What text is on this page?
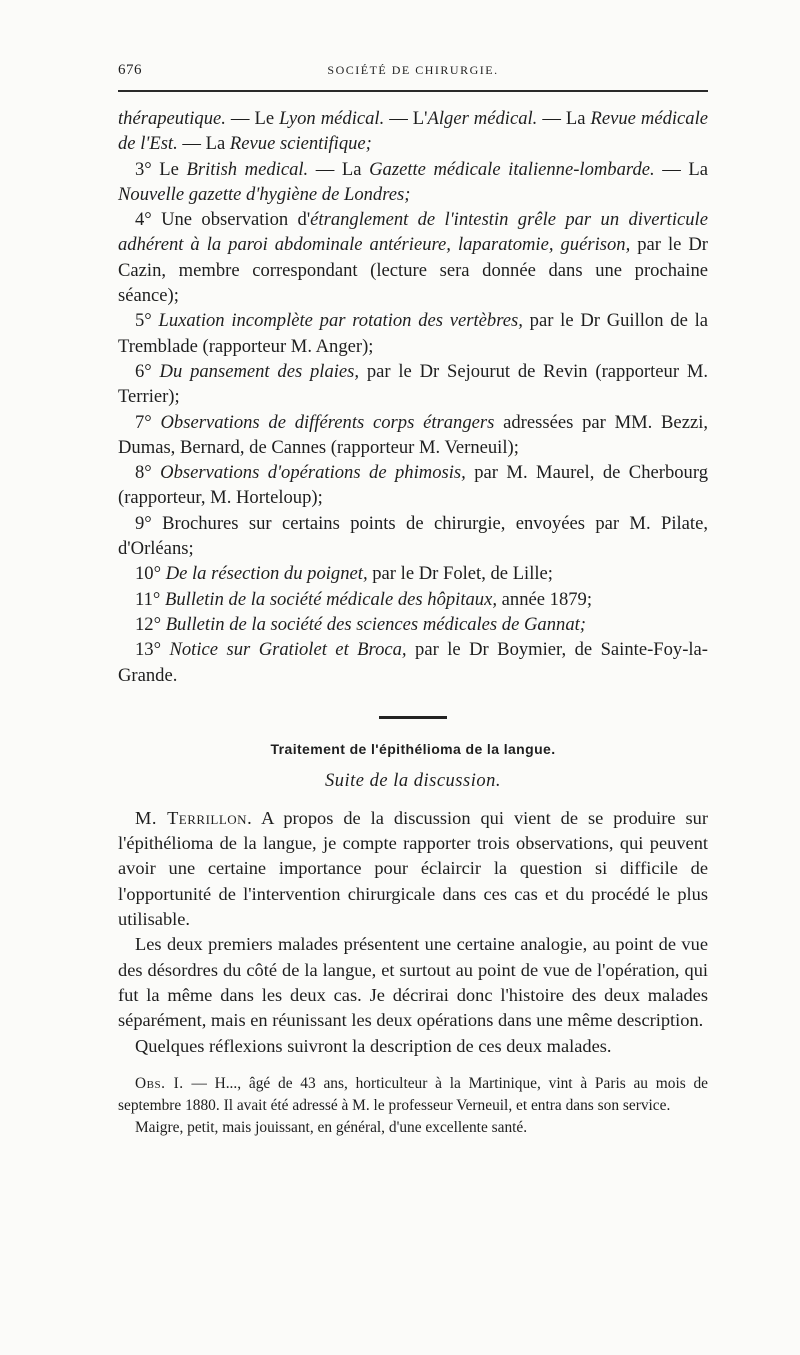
676	SOCIÉTÉ DE CHIRURGIE.

thérapeutique. — Le Lyon médical. — L'Alger médical. — La Revue médicale de l'Est. — La Revue scientifique;

3° Le British medical. — La Gazette médicale italienne-lombarde. — La Nouvelle gazette d'hygiène de Londres;

4° Une observation d'étranglement de l'intestin grêle par un diverticule adhérent à la paroi abdominale antérieure, laparatomie, guérison, par le Dr Cazin, membre correspondant (lecture sera donnée dans une prochaine séance);

5° Luxation incomplète par rotation des vertèbres, par le Dr Guillon de la Tremblade (rapporteur M. Anger);

6° Du pansement des plaies, par le Dr Sejourut de Revin (rapporteur M. Terrier);

7° Observations de différents corps étrangers adressées par MM. Bezzi, Dumas, Bernard, de Cannes (rapporteur M. Verneuil);

8° Observations d'opérations de phimosis, par M. Maurel, de Cherbourg (rapporteur, M. Horteloup);

9° Brochures sur certains points de chirurgie, envoyées par M. Pilate, d'Orléans;

10° De la résection du poignet, par le Dr Folet, de Lille;

11° Bulletin de la société médicale des hôpitaux, année 1879;

12° Bulletin de la société des sciences médicales de Gannat;

13° Notice sur Gratiolet et Broca, par le Dr Boymier, de Sainte-Foy-la-Grande.

Traitement de l'épithélioma de la langue.
Suite de la discussion.

M. Terrillon. A propos de la discussion qui vient de se produire sur l'épithélioma de la langue, je compte rapporter trois observations, qui peuvent avoir une certaine importance pour éclaircir la question si difficile de l'opportunité de l'intervention chirurgicale dans ces cas et du procédé le plus utilisable.

Les deux premiers malades présentent une certaine analogie, au point de vue des désordres du côté de la langue, et surtout au point de vue de l'opération, qui fut la même dans les deux cas. Je décrirai donc l'histoire des deux malades séparément, mais en réunissant les deux opérations dans une même description.

Quelques réflexions suivront la description de ces deux malades.

Obs. I. — H..., âgé de 43 ans, horticulteur à la Martinique, vint à Paris au mois de septembre 1880. Il avait été adressé à M. le professeur Verneuil, et entra dans son service.

Maigre, petit, mais jouissant, en général, d'une excellente santé.
